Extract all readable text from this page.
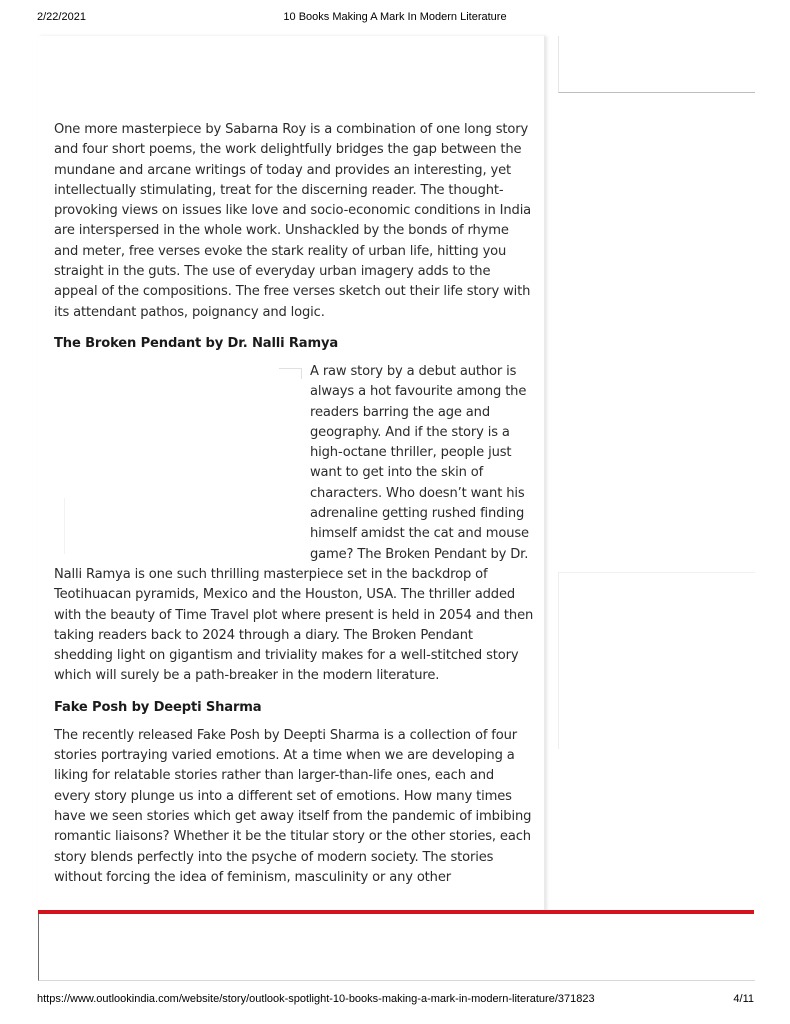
2/22/2021	10 Books Making A Mark In Modern Literature

One more masterpiece by Sabarna Roy is a combination of one long story and four short poems, the work delightfully bridges the gap between the mundane and arcane writings of today and provides an interesting, yet intellectually stimulating, treat for the discerning reader. The thought-provoking views on issues like love and socio-economic conditions in India are interspersed in the whole work. Unshackled by the bonds of rhyme and meter, free verses evoke the stark reality of urban life, hitting you straight in the guts. The use of everyday urban imagery adds to the appeal of the compositions. The free verses sketch out their life story with its attendant pathos, poignancy and logic.

The Broken Pendant by Dr. Nalli Ramya

A raw story by a debut author is always a hot favourite among the readers barring the age and geography. And if the story is a high-octane thriller, people just want to get into the skin of characters. Who doesn’t want his adrenaline getting rushed finding himself amidst the cat and mouse game? The Broken Pendant by Dr. Nalli Ramya is one such thrilling masterpiece set in the backdrop of Teotihuacan pyramids, Mexico and the Houston, USA. The thriller added with the beauty of Time Travel plot where present is held in 2054 and then taking readers back to 2024 through a diary. The Broken Pendant shedding light on gigantism and triviality makes for a well-stitched story which will surely be a path-breaker in the modern literature.

Fake Posh by Deepti Sharma

The recently released Fake Posh by Deepti Sharma is a collection of four stories portraying varied emotions. At a time when we are developing a liking for relatable stories rather than larger-than-life ones, each and every story plunge us into a different set of emotions. How many times have we seen stories which get away itself from the pandemic of imbibing romantic liaisons? Whether it be the titular story or the other stories, each story blends perfectly into the psyche of modern society. The stories without forcing the idea of feminism, masculinity or any other

https://www.outlookindia.com/website/story/outlook-spotlight-10-books-making-a-mark-in-modern-literature/371823	4/11
